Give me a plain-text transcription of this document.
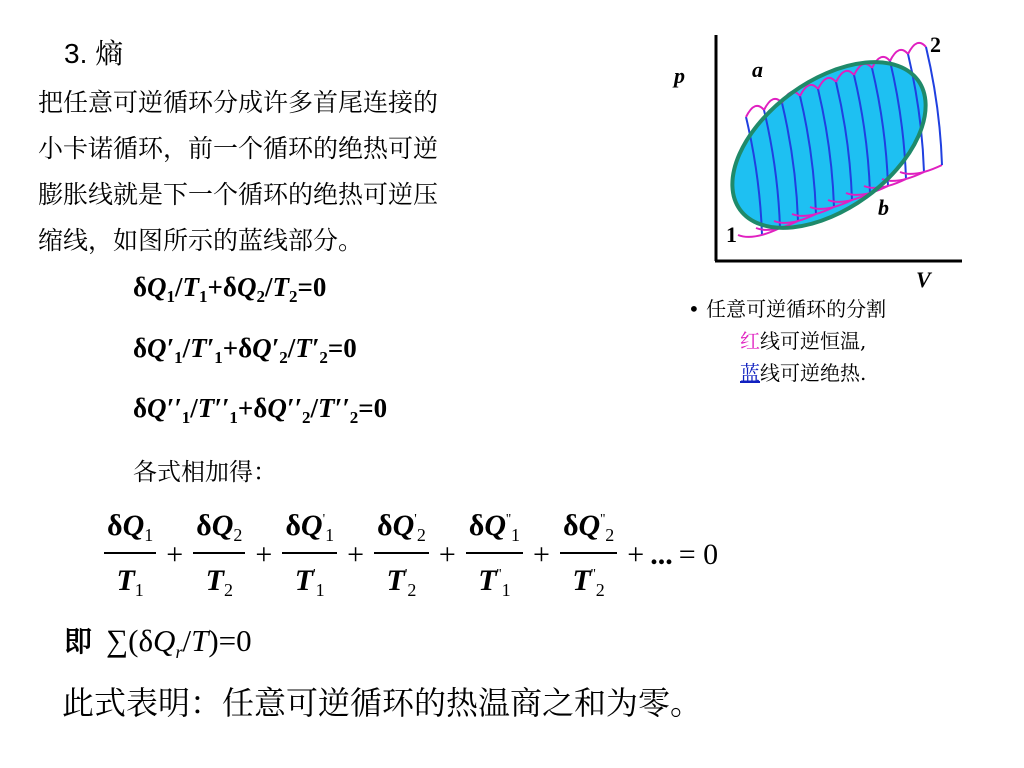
3. 熵
把任意可逆循环分成许多首尾连接的
小卡诺循环，前一个循环的绝热可逆
膨胀线就是下一个循环的绝热可逆压
缩线，如图所示的蓝线部分。
$\delta Q_1/T_1+\delta Q_2/T_2=0$
$\delta Q'_1/T'_1+\delta Q'_2/T'_2=0$
$\delta Q''_1/T''_1+\delta Q''_2/T''_2=0$
各式相加得：
$\frac{\delta Q_1}{T_1} + \frac{\delta Q_2}{T_2} + \frac{\delta Q'_1}{T'_1} + \frac{\delta Q'_2}{T'_2} + \frac{\delta Q''_1}{T''_1} + \frac{\delta Q''_2}{T''_2}$ + ... = 0
即 $\sum(\delta Q_r/T)=0$
此式表明：任意可逆循环的热温商之和为零。
p
V
a
b
1
2
• 任意可逆循环的分割
红线可逆恒温,
蓝线可逆绝热.
